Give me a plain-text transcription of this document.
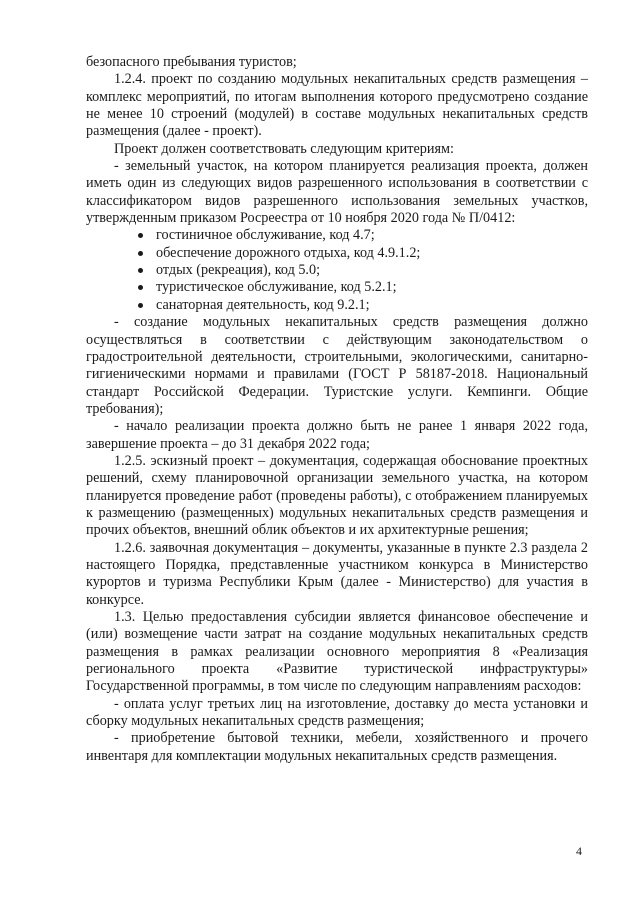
безопасного пребывания туристов;

1.2.4. проект по созданию модульных некапитальных средств размещения – комплекс мероприятий, по итогам выполнения которого предусмотрено создание не менее 10 строений (модулей) в составе модульных некапитальных средств размещения (далее - проект).

Проект должен соответствовать следующим критериям:

- земельный участок, на котором планируется реализация проекта, должен иметь один из следующих видов разрешенного использования в соответствии с классификатором видов разрешенного использования земельных участков, утвержденным приказом Росреестра от 10 ноября 2020 года № П/0412:

гостиничное обслуживание, код 4.7;
обеспечение дорожного отдыха, код 4.9.1.2;
отдых (рекреация), код 5.0;
туристическое обслуживание, код 5.2.1;
санаторная деятельность, код 9.2.1;

- создание модульных некапитальных средств размещения должно осуществляться в соответствии с действующим законодательством о градостроительной деятельности, строительными, экологическими, санитарно-гигиеническими нормами и правилами (ГОСТ Р 58187-2018. Национальный стандарт Российской Федерации. Туристские услуги. Кемпинги. Общие требования);

- начало реализации проекта должно быть не ранее 1 января 2022 года, завершение проекта – до 31 декабря 2022 года;

1.2.5. эскизный проект – документация, содержащая обоснование проектных решений, схему планировочной организации земельного участка, на котором планируется проведение работ (проведены работы), с отображением планируемых к размещению (размещенных) модульных некапитальных средств размещения и прочих объектов, внешний облик объектов и их архитектурные решения;

1.2.6. заявочная документация – документы, указанные в пункте 2.3 раздела 2 настоящего Порядка, представленные участником конкурса в Министерство курортов и туризма Республики Крым (далее - Министерство) для участия в конкурсе.

1.3. Целью предоставления субсидии является финансовое обеспечение и (или) возмещение части затрат на создание модульных некапитальных средств размещения в рамках реализации основного мероприятия 8 «Реализация регионального проекта «Развитие туристической инфраструктуры» Государственной программы, в том числе по следующим направлениям расходов:

- оплата услуг третьих лиц на изготовление, доставку до места установки и сборку модульных некапитальных средств размещения;

- приобретение бытовой техники, мебели, хозяйственного и прочего инвентаря для комплектации модульных некапитальных средств размещения.

4
